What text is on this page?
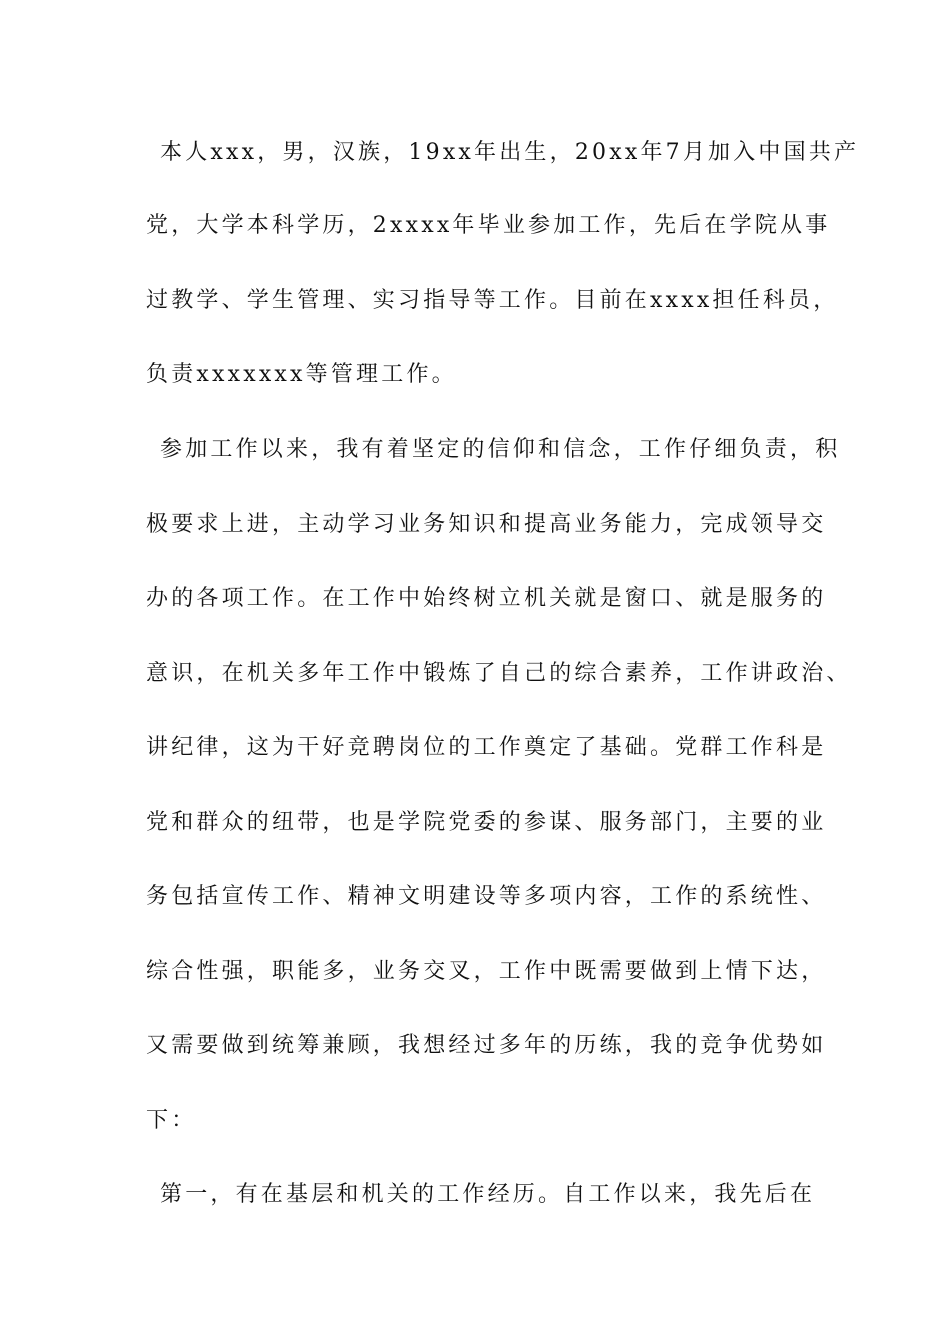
本人xxx，男，汉族，19xx年出生，20xx年7月加入中国共产

党，大学本科学历，2xxxx年毕业参加工作，先后在学院从事

过教学、学生管理、实习指导等工作。目前在xxxx担任科员，

负责xxxxxxx等管理工作。

参加工作以来，我有着坚定的信仰和信念，工作仔细负责，积

极要求上进，主动学习业务知识和提高业务能力，完成领导交

办的各项工作。在工作中始终树立机关就是窗口、就是服务的

意识，在机关多年工作中锻炼了自己的综合素养，工作讲政治、

讲纪律，这为干好竞聘岗位的工作奠定了基础。党群工作科是

党和群众的纽带，也是学院党委的参谋、服务部门，主要的业

务包括宣传工作、精神文明建设等多项内容，工作的系统性、

综合性强，职能多，业务交叉，工作中既需要做到上情下达，

又需要做到统筹兼顾，我想经过多年的历练，我的竞争优势如

下：

第一，有在基层和机关的工作经历。自工作以来，我先后在
